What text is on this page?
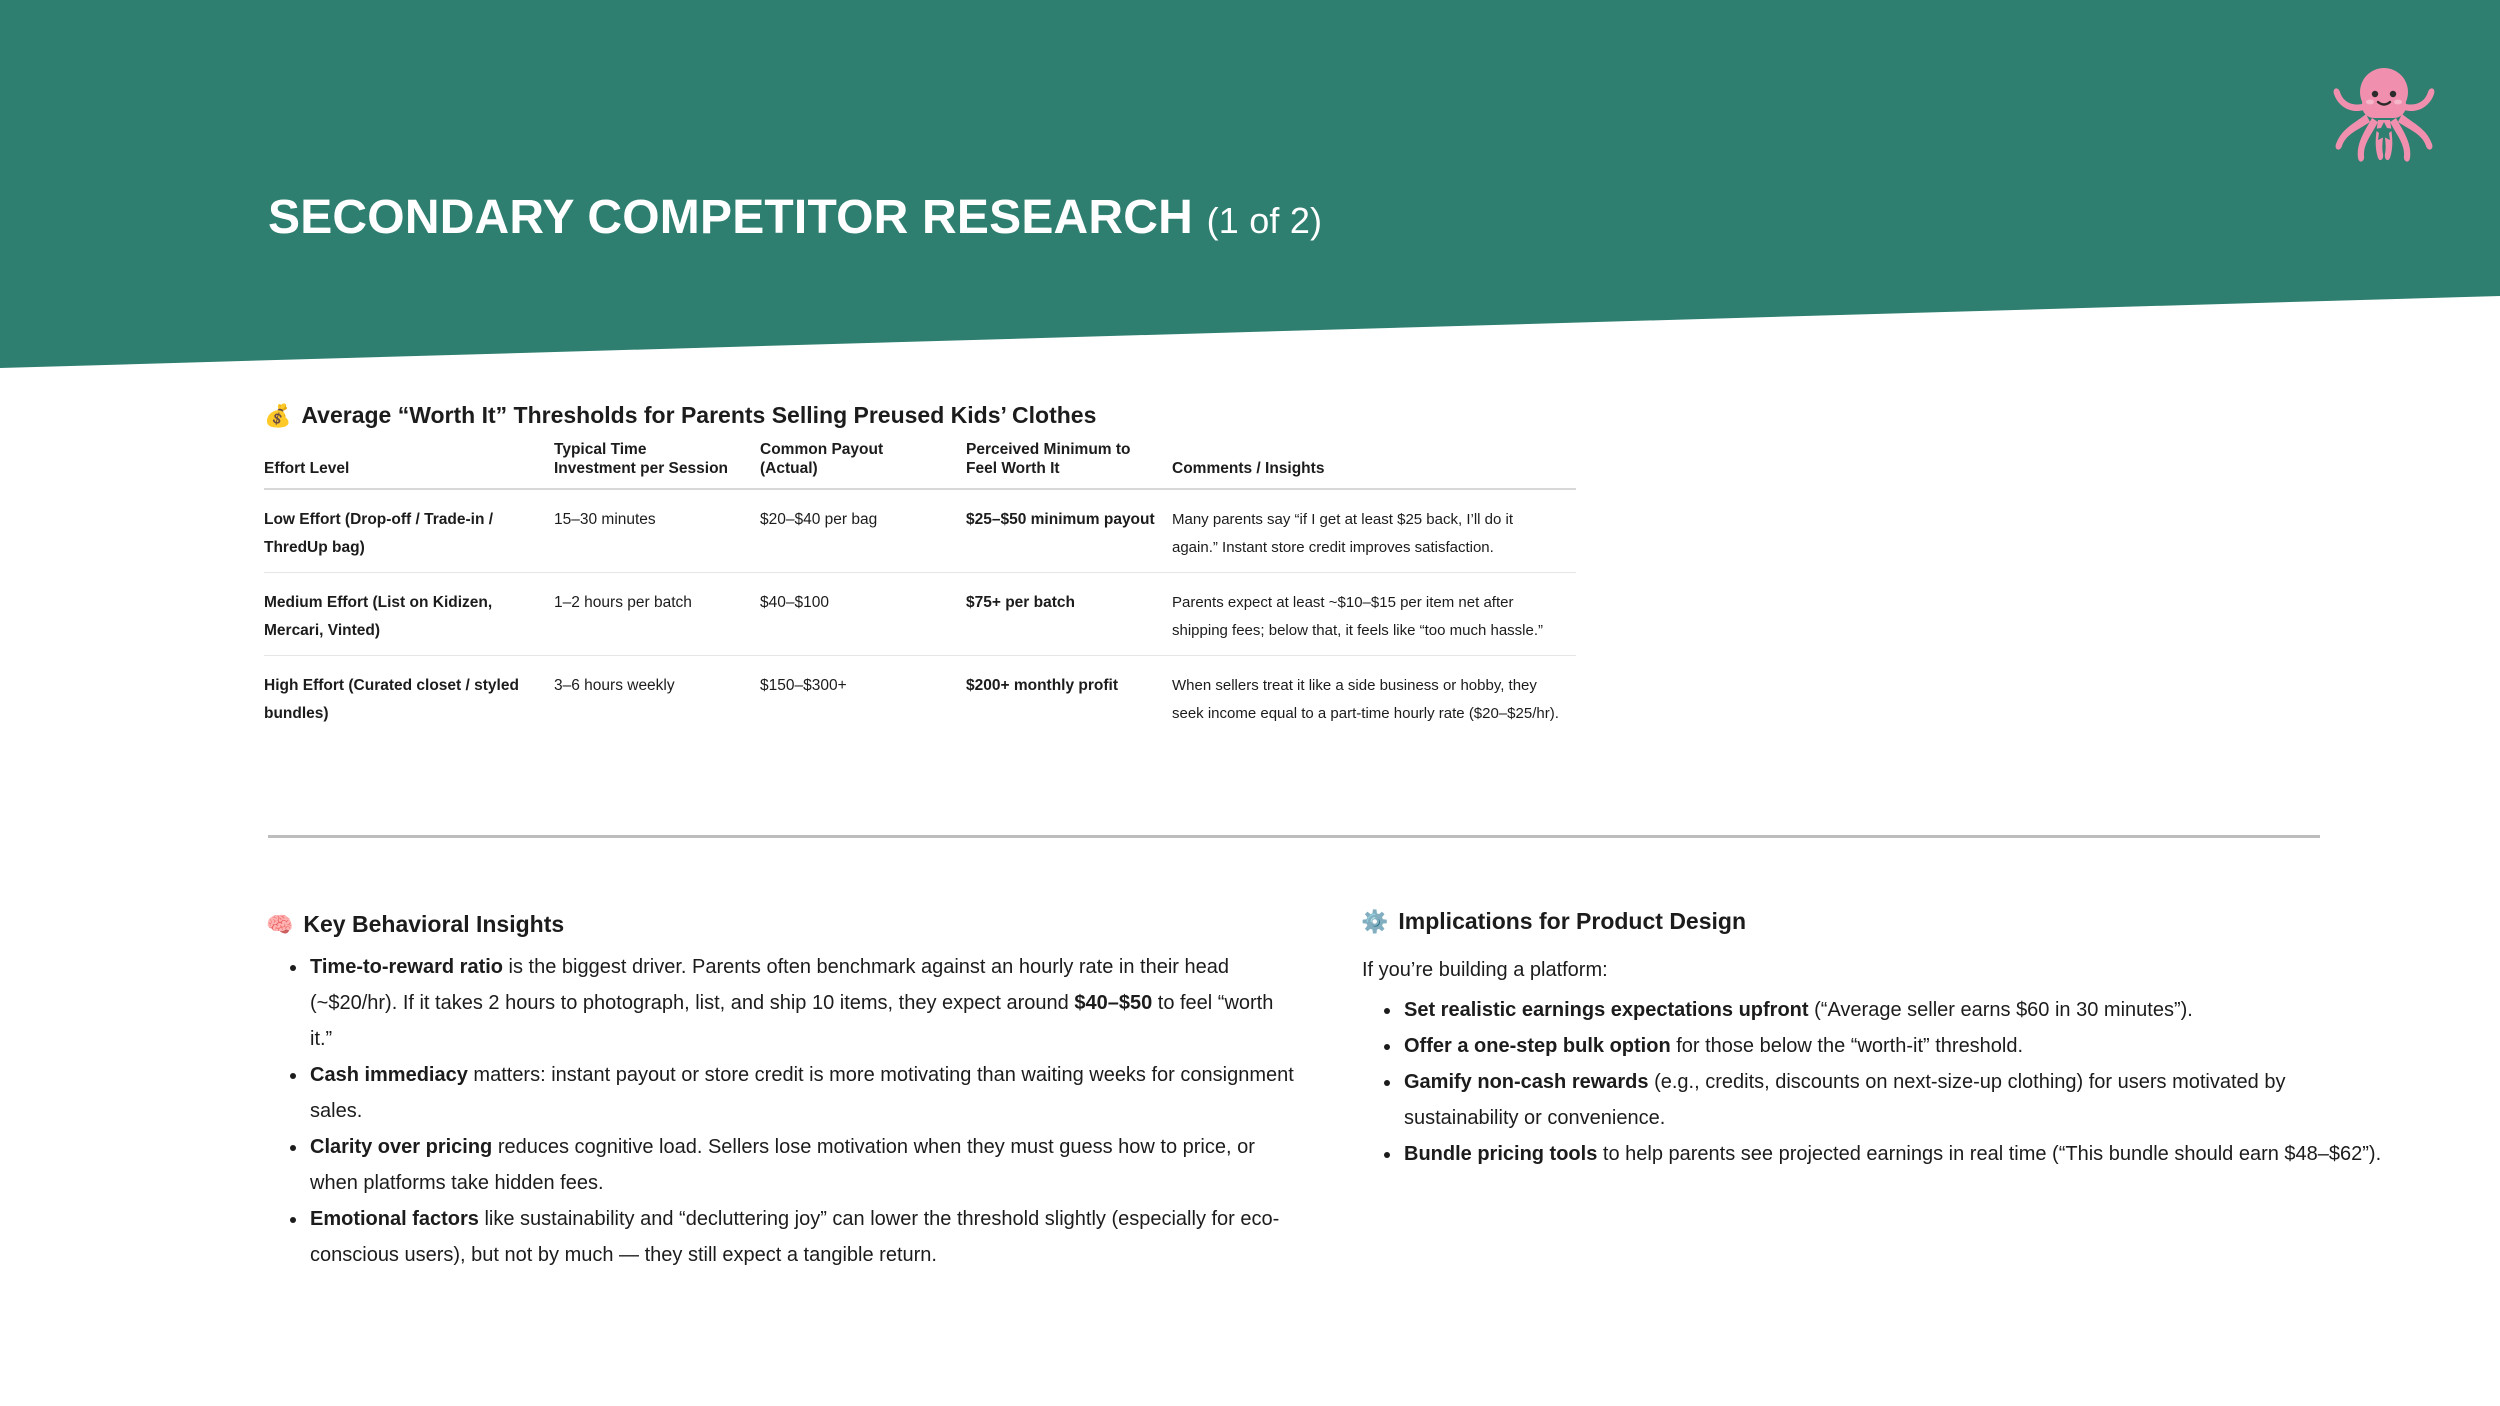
SECONDARY COMPETITOR RESEARCH (1 of 2)
💰 Average “Worth It” Thresholds for Parents Selling Preused Kids’ Clothes
Effort Level	Typical Time Investment per Session	Common Payout (Actual)	Perceived Minimum to Feel Worth It	Comments / Insights
Low Effort (Drop-off / Trade-in / ThredUp bag)	15–30 minutes	$20–$40 per bag	$25–$50 minimum payout	Many parents say “if I get at least $25 back, I’ll do it again.” Instant store credit improves satisfaction.
Medium Effort (List on Kidizen, Mercari, Vinted)	1–2 hours per batch	$40–$100	$75+ per batch	Parents expect at least ~$10–$15 per item net after shipping fees; below that, it feels like “too much hassle.”
High Effort (Curated closet / styled bundles)	3–6 hours weekly	$150–$300+	$200+ monthly profit	When sellers treat it like a side business or hobby, they seek income equal to a part-time hourly rate ($20–$25/hr).
🧠 Key Behavioral Insights
• Time-to-reward ratio is the biggest driver. Parents often benchmark against an hourly rate in their head (~$20/hr). If it takes 2 hours to photograph, list, and ship 10 items, they expect around $40–$50 to feel “worth it.”
• Cash immediacy matters: instant payout or store credit is more motivating than waiting weeks for consignment sales.
• Clarity over pricing reduces cognitive load. Sellers lose motivation when they must guess how to price, or when platforms take hidden fees.
• Emotional factors like sustainability and “decluttering joy” can lower the threshold slightly (especially for eco-conscious users), but not by much — they still expect a tangible return.
⚙️ Implications for Product Design

If you’re building a platform:

• Set realistic earnings expectations upfront (“Average seller earns $60 in 30 minutes”).
• Offer a one-step bulk option for those below the “worth-it” threshold.
• Gamify non-cash rewards (e.g., credits, discounts on next-size-up clothing) for users motivated by sustainability or convenience.
• Bundle pricing tools to help parents see projected earnings in real time (“This bundle should earn $48–$62”).
